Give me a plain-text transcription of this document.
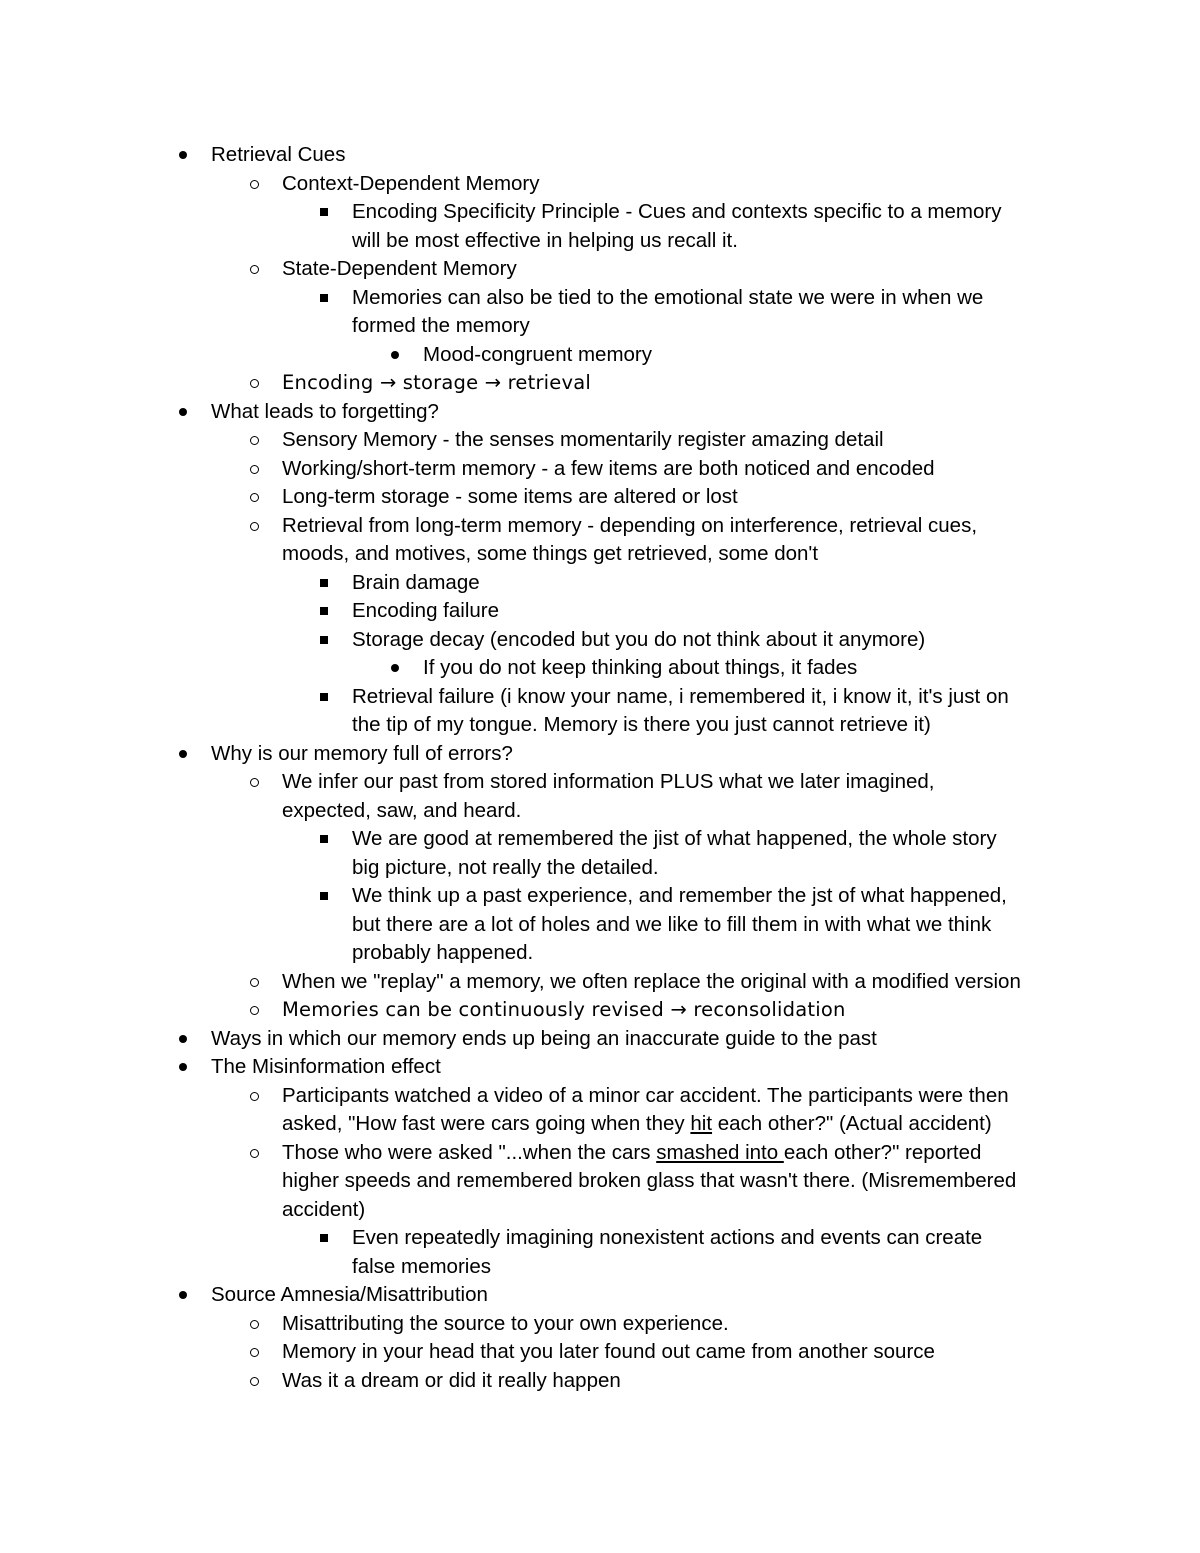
Retrieval Cues
Context-Dependent Memory
Encoding Specificity Principle - Cues and contexts specific to a memory
will be most effective in helping us recall it.
State-Dependent Memory
Memories can also be tied to the emotional state we were in when we
formed the memory
Mood-congruent memory
Encoding → storage → retrieval
What leads to forgetting?
Sensory Memory - the senses momentarily register amazing detail
Working/short-term memory - a few items are both noticed and encoded
Long-term storage - some items are altered or lost
Retrieval from long-term memory - depending on interference, retrieval cues,
moods, and motives, some things get retrieved, some don't
Brain damage
Encoding failure
Storage decay (encoded but you do not think about it anymore)
If you do not keep thinking about things, it fades
Retrieval failure (i know your name, i remembered it, i know it, it's just on
the tip of my tongue. Memory is there you just cannot retrieve it)
Why is our memory full of errors?
We infer our past from stored information PLUS what we later imagined,
expected, saw, and heard.
We are good at remembered the jist of what happened, the whole story
big picture, not really the detailed.
We think up a past experience, and remember the jst of what happened,
but there are a lot of holes and we like to fill them in with what we think
probably happened.
When we "replay" a memory, we often replace the original with a modified version
Memories can be continuously revised → reconsolidation
Ways in which our memory ends up being an inaccurate guide to the past
The Misinformation effect
Participants watched a video of a minor car accident. The participants were then
asked, "How fast were cars going when they hit each other?" (Actual accident)
Those who were asked "...when the cars smashed into each other?" reported
higher speeds and remembered broken glass that wasn't there. (Misremembered
accident)
Even repeatedly imagining nonexistent actions and events can create
false memories
Source Amnesia/Misattribution
Misattributing the source to your own experience.
Memory in your head that you later found out came from another source
Was it a dream or did it really happen
